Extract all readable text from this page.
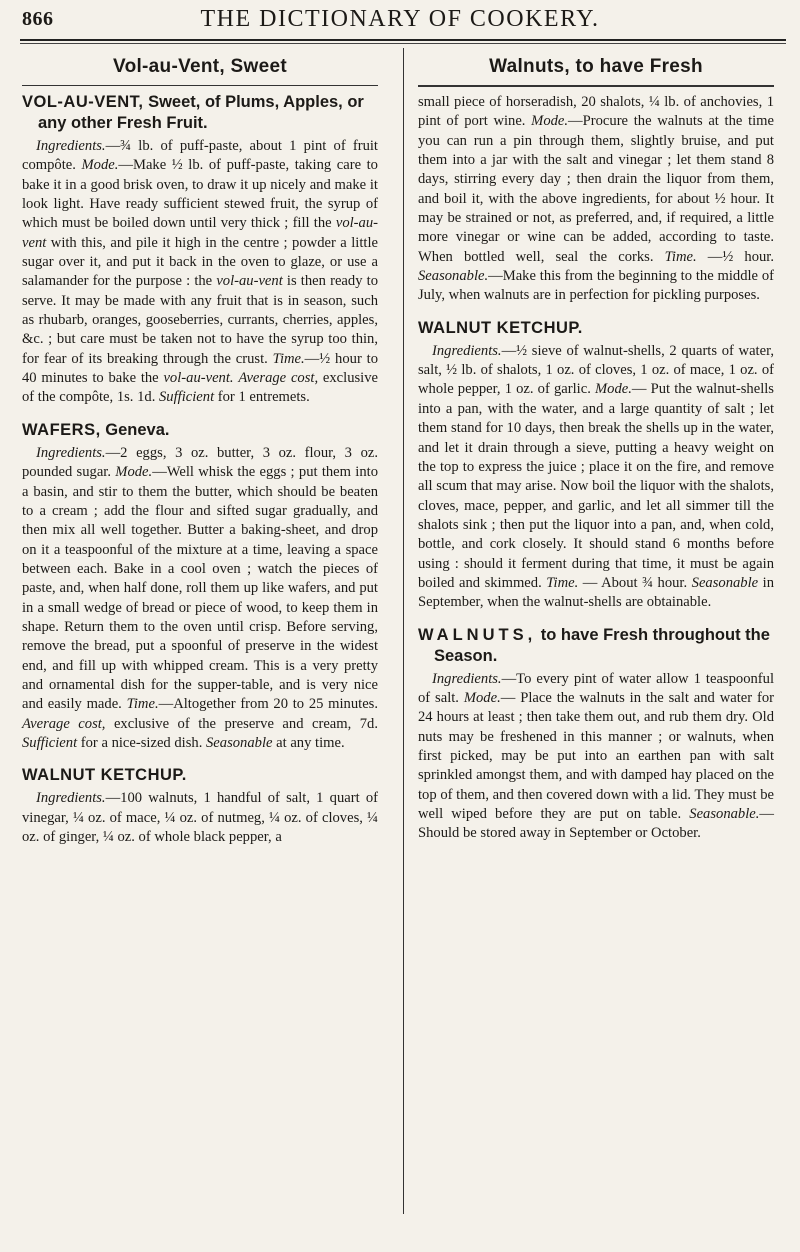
866	THE DICTIONARY OF COOKERY.
Vol-au-Vent, Sweet
VOL-AU-VENT, Sweet, of Plums, Apples, or any other Fresh Fruit.

Ingredients.—¾ lb. of puff-paste, about 1 pint of fruit compôte. Mode.—Make ½ lb. of puff-paste, taking care to bake it in a good brisk oven, to draw it up nicely and make it look light. Have ready sufficient stewed fruit, the syrup of which must be boiled down until very thick ; fill the vol-au-vent with this, and pile it high in the centre ; powder a little sugar over it, and put it back in the oven to glaze, or use a salamander for the purpose : the vol-au-vent is then ready to serve. It may be made with any fruit that is in season, such as rhubarb, oranges, gooseberries, currants, cherries, apples, &c. ; but care must be taken not to have the syrup too thin, for fear of its breaking through the crust. Time.—½ hour to 40 minutes to bake the vol-au-vent. Average cost, exclusive of the compôte, 1s. 1d. Sufficient for 1 entremets.

WAFERS, Geneva.

Ingredients.—2 eggs, 3 oz. butter, 3 oz. flour, 3 oz. pounded sugar. Mode.—Well whisk the eggs ; put them into a basin, and stir to them the butter, which should be beaten to a cream ; add the flour and sifted sugar gradually, and then mix all well together. Butter a baking-sheet, and drop on it a teaspoonful of the mixture at a time, leaving a space between each. Bake in a cool oven ; watch the pieces of paste, and, when half done, roll them up like wafers, and put in a small wedge of bread or piece of wood, to keep them in shape. Return them to the oven until crisp. Before serving, remove the bread, put a spoonful of preserve in the widest end, and fill up with whipped cream. This is a very pretty and ornamental dish for the supper-table, and is very nice and easily made. Time.—Altogether from 20 to 25 minutes. Average cost, exclusive of the preserve and cream, 7d. Sufficient for a nice-sized dish. Seasonable at any time.

WALNUT KETCHUP.

Ingredients.—100 walnuts, 1 handful of salt, 1 quart of vinegar, ¼ oz. of mace, ¼ oz. of nutmeg, ¼ oz. of cloves, ¼ oz. of ginger, ¼ oz. of whole black pepper, a

Walnuts, to have Fresh

small piece of horseradish, 20 shalots, ¼ lb. of anchovies, 1 pint of port wine. Mode.—Procure the walnuts at the time you can run a pin through them, slightly bruise, and put them into a jar with the salt and vinegar ; let them stand 8 days, stirring every day ; then drain the liquor from them, and boil it, with the above ingredients, for about ½ hour. It may be strained or not, as preferred, and, if required, a little more vinegar or wine can be added, according to taste. When bottled well, seal the corks. Time. —½ hour. Seasonable.—Make this from the beginning to the middle of July, when walnuts are in perfection for pickling purposes.

WALNUT KETCHUP.

Ingredients.—½ sieve of walnut-shells, 2 quarts of water, salt, ½ lb. of shalots, 1 oz. of cloves, 1 oz. of mace, 1 oz. of whole pepper, 1 oz. of garlic. Mode.— Put the walnut-shells into a pan, with the water, and a large quantity of salt ; let them stand for 10 days, then break the shells up in the water, and let it drain through a sieve, putting a heavy weight on the top to express the juice ; place it on the fire, and remove all scum that may arise. Now boil the liquor with the shalots, cloves, mace, pepper, and garlic, and let all simmer till the shalots sink ; then put the liquor into a pan, and, when cold, bottle, and cork closely. It should stand 6 months before using : should it ferment during that time, it must be again boiled and skimmed. Time. — About ¾ hour. Seasonable in September, when the walnut-shells are obtainable.

WALNUTS, to have Fresh throughout the Season.

Ingredients.—To every pint of water allow 1 teaspoonful of salt. Mode.— Place the walnuts in the salt and water for 24 hours at least ; then take them out, and rub them dry. Old nuts may be freshened in this manner ; or walnuts, when first picked, may be put into an earthen pan with salt sprinkled amongst them, and with damped hay placed on the top of them, and then covered down with a lid. They must be well wiped before they are put on table. Seasonable.—Should be stored away in September or October.
